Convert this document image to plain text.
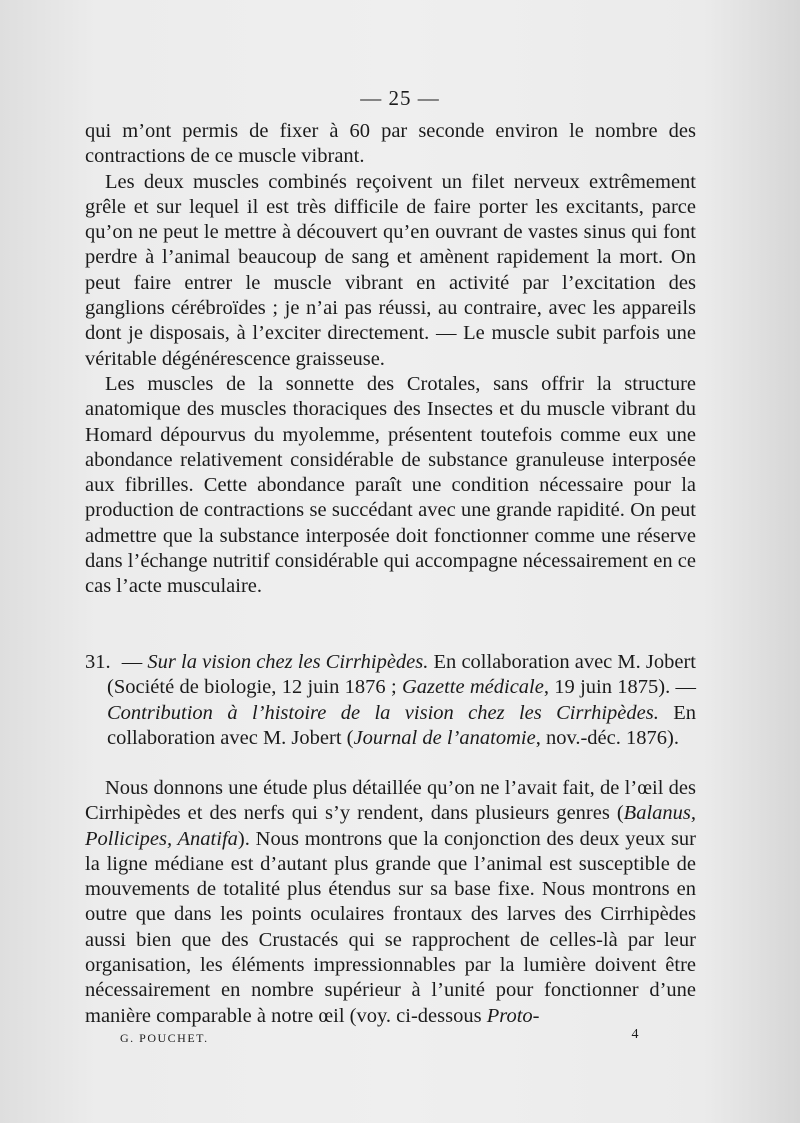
— 25 —

qui m’ont permis de fixer à 60 par seconde environ le nombre des contractions de ce muscle vibrant.

Les deux muscles combinés reçoivent un filet nerveux extrêmement grêle et sur lequel il est très difficile de faire porter les excitants, parce qu’on ne peut le mettre à découvert qu’en ouvrant de vastes sinus qui font perdre à l’animal beaucoup de sang et amènent rapidement la mort. On peut faire entrer le muscle vibrant en activité par l’excitation des ganglions cérébroïdes ; je n’ai pas réussi, au contraire, avec les appareils dont je disposais, à l’exciter directement. — Le muscle subit parfois une véritable dégénérescence graisseuse.

Les muscles de la sonnette des Crotales, sans offrir la structure anatomique des muscles thoraciques des Insectes et du muscle vibrant du Homard dépourvus du myolemme, présentent toutefois comme eux une abondance relativement considérable de substance granuleuse interposée aux fibrilles. Cette abondance paraît une condition nécessaire pour la production de contractions se succédant avec une grande rapidité. On peut admettre que la substance interposée doit fonctionner comme une réserve dans l’échange nutritif considérable qui accompagne nécessairement en ce cas l’acte musculaire.

31. — Sur la vision chez les Cirrhipèdes. En collaboration avec M. Jobert (Société de biologie, 12 juin 1876 ; Gazette médicale, 19 juin 1875). — Contribution à l’histoire de la vision chez les Cirrhipèdes. En collaboration avec M. Jobert (Journal de l’anatomie, nov.-déc. 1876).

Nous donnons une étude plus détaillée qu’on ne l’avait fait, de l’œil des Cirrhipèdes et des nerfs qui s’y rendent, dans plusieurs genres (Balanus, Pollicipes, Anatifa). Nous montrons que la conjonction des deux yeux sur la ligne médiane est d’autant plus grande que l’animal est susceptible de mouvements de totalité plus étendus sur sa base fixe. Nous montrons en outre que dans les points oculaires frontaux des larves des Cirrhipèdes aussi bien que des Crustacés qui se rapprochent de celles-là par leur organisation, les éléments impressionnables par la lumière doivent être nécessairement en nombre supérieur à l’unité pour fonctionner d’une manière comparable à notre œil (voy. ci-dessous Proto-

G. POUCHET.	4
